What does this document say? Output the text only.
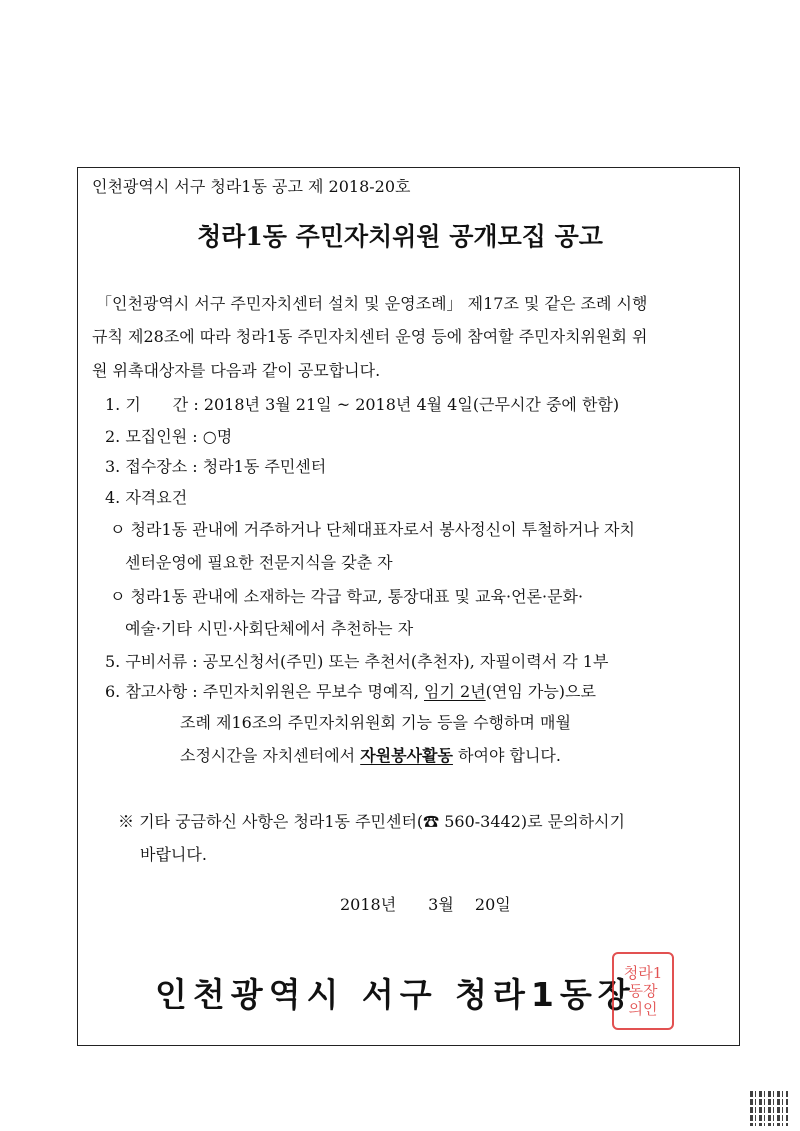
인천광역시 서구 청라1동 공고 제 2018-20호
청라1동 주민자치위원 공개모집 공고
「인천광역시 서구 주민자치센터 설치 및 운영조례」 제17조 및 같은 조례 시행
규칙 제28조에 따라 청라1동 주민자치센터 운영 등에 참여할 주민자치위원회 위
원 위촉대상자를 다음과 같이 공모합니다.
1. 기　　간 : 2018년 3월 21일 ~ 2018년 4월 4일(근무시간 중에 한함)
2. 모집인원 : ○명
3. 접수장소 : 청라1동 주민센터
4. 자격요건
ㅇ 청라1동 관내에 거주하거나 단체대표자로서 봉사정신이 투철하거나 자치
센터운영에 필요한 전문지식을 갖춘 자
ㅇ 청라1동 관내에 소재하는 각급 학교, 통장대표 및 교육·언론·문화·
예술·기타 시민·사회단체에서 추천하는 자
5. 구비서류 : 공모신청서(주민) 또는 추천서(추천자), 자필이력서 각 1부
6. 참고사항 : 주민자치위원은 무보수 명예직, 임기 2년(연임 가능)으로
조례 제16조의 주민자치위원회 기능 등을 수행하며 매월
소정시간을 자치센터에서 자원봉사활동 하여야 합니다.
※ 기타 궁금하신 사항은 청라1동 주민센터(☎ 560-3442)로 문의하시기
바랍니다.
2018년　　3월　 20일
인천광역시 서구 청라1동장
청라1
동장
의인
